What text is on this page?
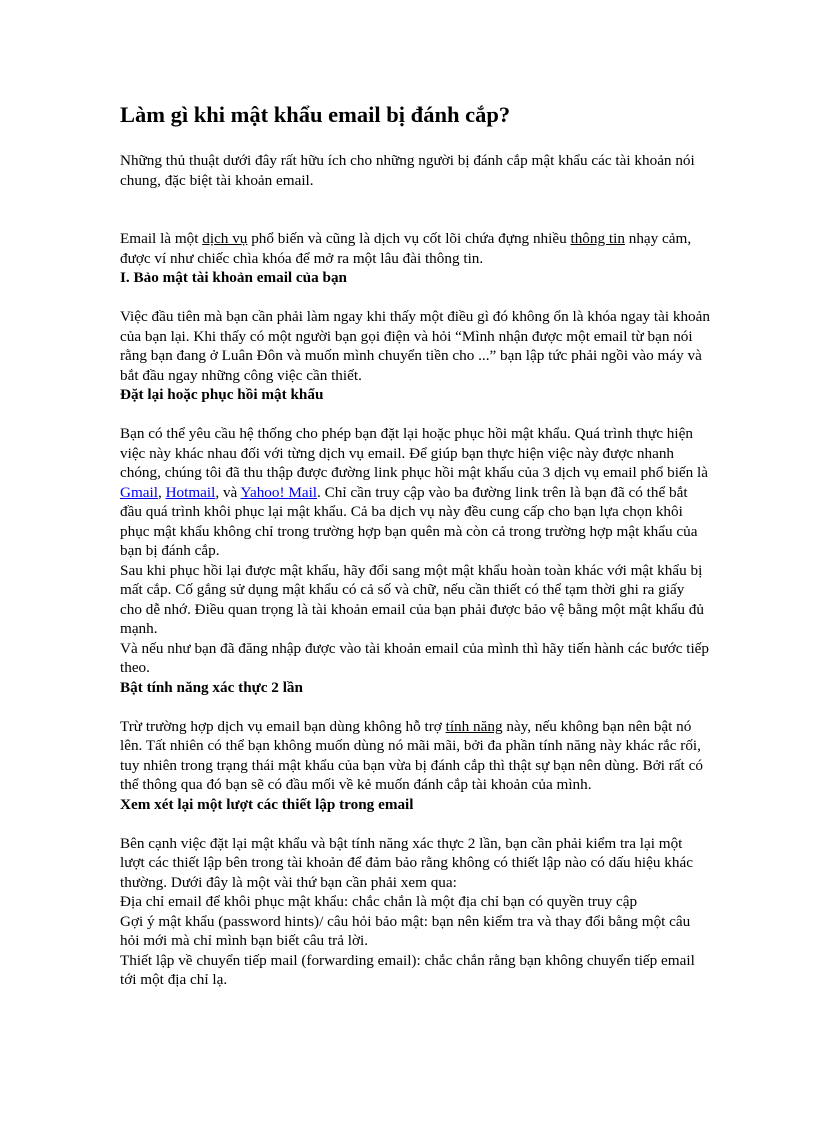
Làm gì khi mật khẩu email bị đánh cắp?

Những thủ thuật dưới đây rất hữu ích cho những người bị đánh cắp mật khẩu các tài khoản nói chung, đặc biệt tài khoản email.

Email là một dịch vụ phổ biến và cũng là dịch vụ cốt lõi chứa đựng nhiều thông tin nhạy cảm, được ví như chiếc chìa khóa để mở ra một lâu đài thông tin.

I. Bảo mật tài khoản email của bạn

Việc đầu tiên mà bạn cần phải làm ngay khi thấy một điều gì đó không ổn là khóa ngay tài khoản của bạn lại. Khi thấy có một người bạn gọi điện và hỏi “Mình nhận được một email từ bạn nói rằng bạn đang ở Luân Đôn và muốn mình chuyển tiền cho ...” bạn lập tức phải ngồi vào máy và bắt đầu ngay những công việc cần thiết.

Đặt lại hoặc phục hồi mật khẩu

Bạn có thể yêu cầu hệ thống cho phép bạn đặt lại hoặc phục hồi mật khẩu. Quá trình thực hiện việc này khác nhau đối với từng dịch vụ email. Để giúp bạn thực hiện việc này được nhanh chóng, chúng tôi đã thu thập được đường link phục hồi mật khẩu của 3 dịch vụ email phổ biến là Gmail, Hotmail, và Yahoo! Mail. Chỉ cần truy cập vào ba đường link trên là bạn đã có thể bắt đầu quá trình khôi phục lại mật khẩu. Cả ba dịch vụ này đều cung cấp cho bạn lựa chọn khôi phục mật khẩu không chỉ trong trường hợp bạn quên mà còn cả trong trường hợp mật khẩu của bạn bị đánh cắp.

Sau khi phục hồi lại được mật khẩu, hãy đổi sang một mật khẩu hoàn toàn khác với mật khẩu bị mất cắp. Cố gắng sử dụng mật khẩu có cả số và chữ, nếu cần thiết có thể tạm thời ghi ra giấy cho dễ nhớ. Điều quan trọng là tài khoản email của bạn phải được bảo vệ bằng một mật khẩu đủ mạnh.

Và nếu như bạn đã đăng nhập được vào tài khoản email của mình thì hãy tiến hành các bước tiếp theo.

Bật tính năng xác thực 2 lần

Trừ trường hợp dịch vụ email bạn dùng không hỗ trợ tính năng này, nếu không bạn nên bật nó lên. Tất nhiên có thể bạn không muốn dùng nó mãi mãi, bởi đa phần tính năng này khác rắc rối, tuy nhiên trong trạng thái mật khẩu của bạn vừa bị đánh cắp thì thật sự bạn nên dùng. Bởi rất có thể thông qua đó bạn sẽ có đầu mối về kẻ muốn đánh cắp tài khoản của mình.

Xem xét lại một lượt các thiết lập trong email

Bên cạnh việc đặt lại mật khẩu và bật tính năng xác thực 2 lần, bạn cần phải kiểm tra lại một lượt các thiết lập bên trong tài khoản để đảm bảo rằng không có thiết lập nào có dấu hiệu khác thường. Dưới đây là một vài thứ bạn cần phải xem qua:

Địa chỉ email để khôi phục mật khẩu: chắc chắn là một địa chỉ bạn có quyền truy cập

Gợi ý mật khẩu (password hints)/ câu hỏi bảo mật: bạn nên kiểm tra và thay đổi bằng một câu hỏi mới mà chỉ mình bạn biết câu trả lời.

Thiết lập về chuyển tiếp mail (forwarding email): chắc chắn rằng bạn không chuyển tiếp email tới một địa chỉ lạ.
